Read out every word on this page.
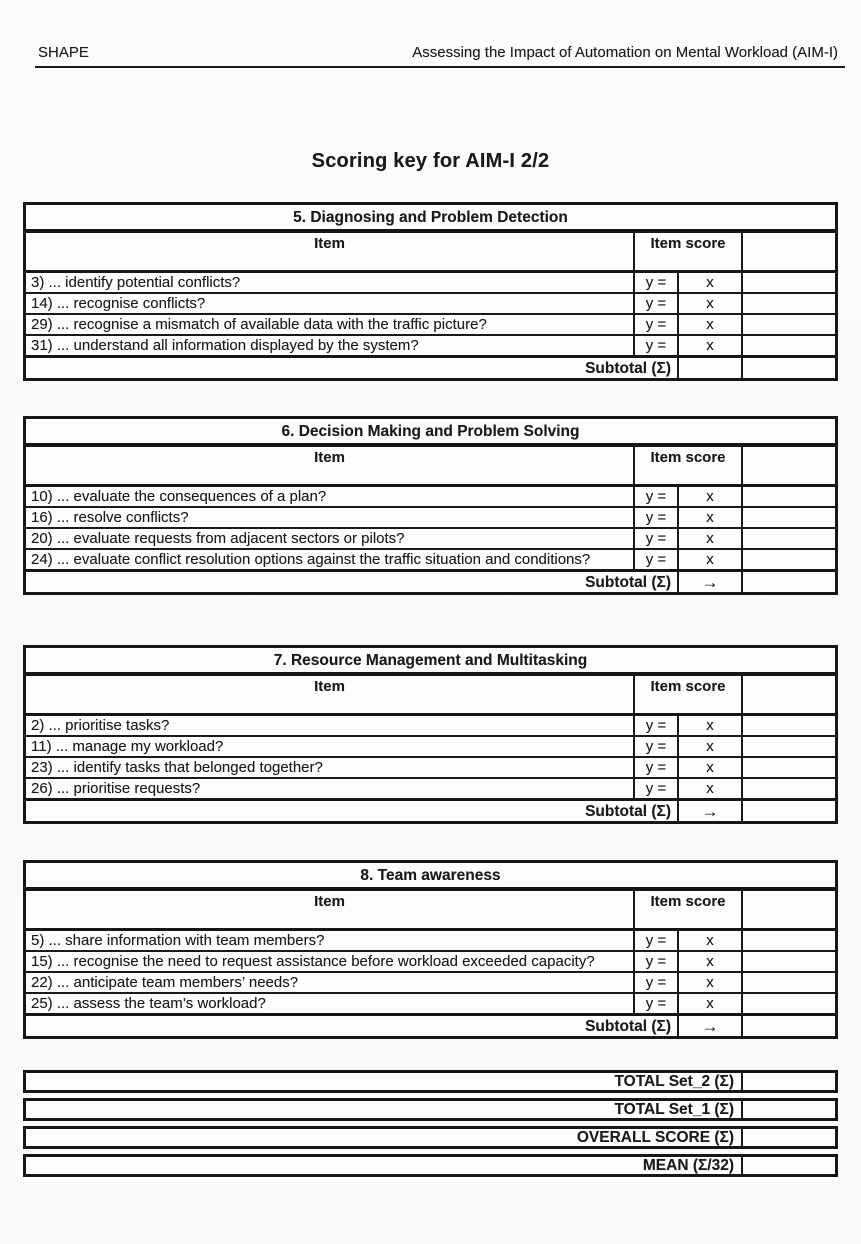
SHAPE	Assessing the Impact of Automation on Mental Workload (AIM-I)
Scoring key for AIM-I 2/2
5. Diagnosing and Problem Detection
Item	Item score
3) ... identify potential conflicts?	y =	x
14) ... recognise conflicts?	y =	x
29) ... recognise a mismatch of available data with the traffic picture?	y =	x
31) ... understand all information displayed by the system?	y =	x
Subtotal (Σ)
6. Decision Making and Problem Solving
Item	Item score
10) ... evaluate the consequences of a plan?	y =	x
16) ... resolve conflicts?	y =	x
20) ... evaluate requests from adjacent sectors or pilots?	y =	x
24) ... evaluate conflict resolution options against the traffic situation and conditions?	y =	x
Subtotal (Σ)	→
7. Resource Management and Multitasking
Item	Item score
2) ... prioritise tasks?	y =	x
11) ... manage my workload?	y =	x
23) ... identify tasks that belonged together?	y =	x
26) ... prioritise requests?	y =	x
Subtotal (Σ)	→
8. Team awareness
Item	Item score
5) ... share information with team members?	y =	x
15) ... recognise the need to request assistance before workload exceeded capacity?	y =	x
22) ... anticipate team members’ needs?	y =	x
25) ... assess the team’s workload?	y =	x
Subtotal (Σ)	→
TOTAL Set_2 (Σ)
TOTAL Set_1 (Σ)
OVERALL SCORE (Σ)
MEAN (Σ/32)
